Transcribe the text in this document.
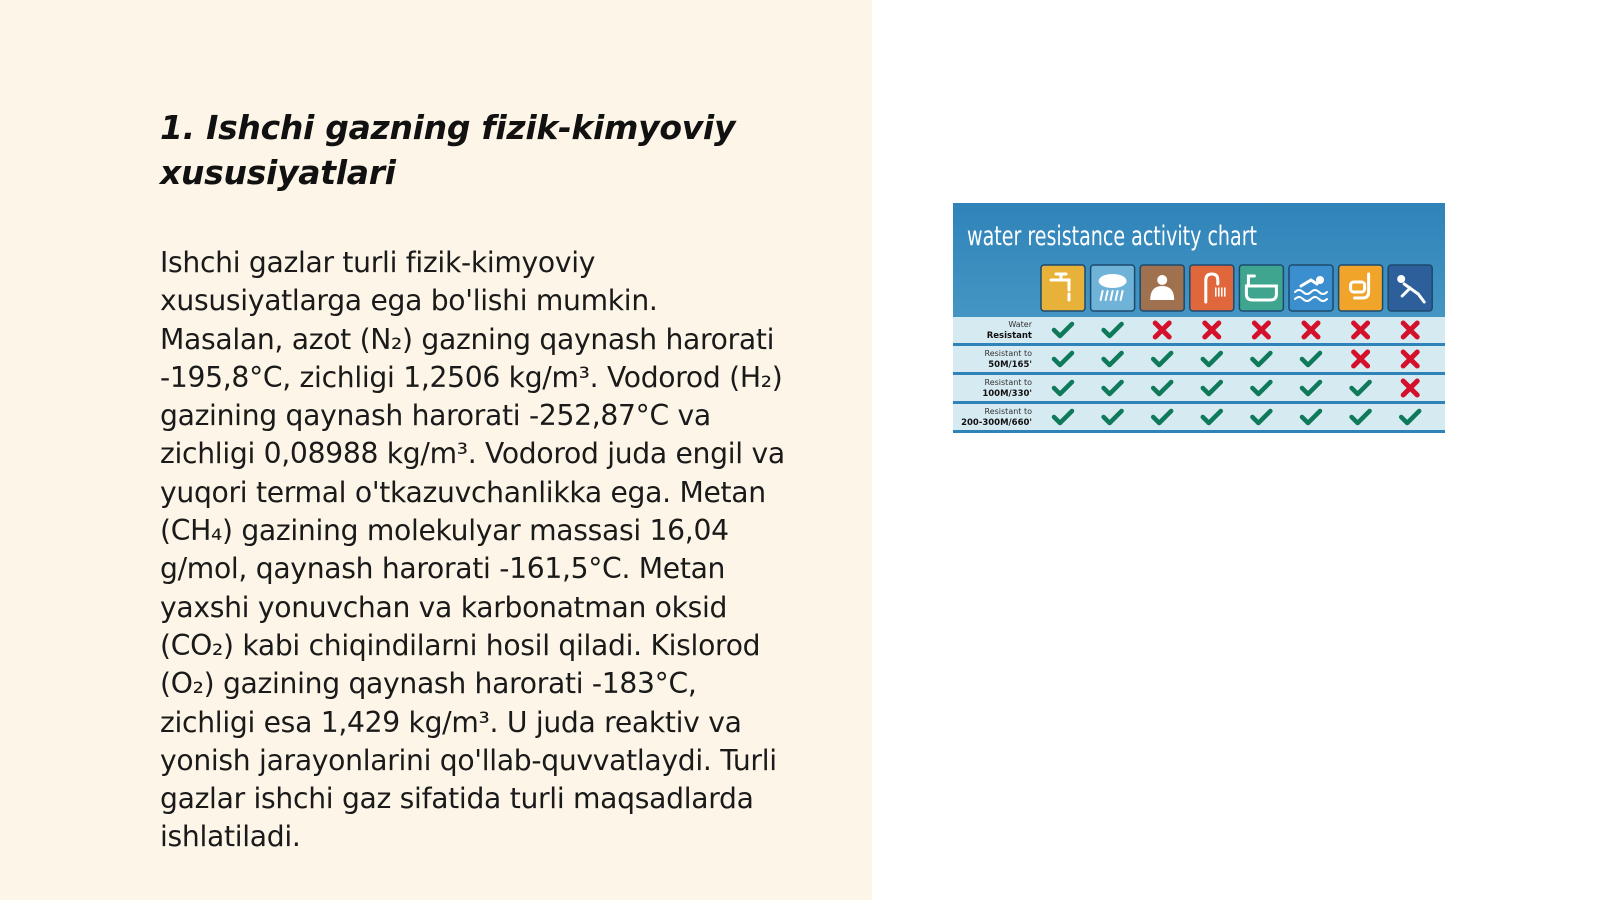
1. Ishchi gazning fizik-kimyoviy xususiyatlari

Ishchi gazlar turli fizik-kimyoviy
xususiyatlarga ega bo'lishi mumkin.
Masalan, azot (N₂) gazning qaynash harorati
-195,8°C, zichligi 1,2506 kg/m³. Vodorod (H₂)
gazining qaynash harorati -252,87°C va
zichligi 0,08988 kg/m³. Vodorod juda engil va
yuqori termal o'tkazuvchanlikka ega. Metan
(CH₄) gazining molekulyar massasi 16,04
g/mol, qaynash harorati -161,5°C. Metan
yaxshi yonuvchan va karbonatman oksid
(CO₂) kabi chiqindilarni hosil qiladi. Kislorod
(O₂) gazining qaynash harorati -183°C,
zichligi esa 1,429 kg/m³. U juda reaktiv va
yonish jarayonlarini qo'llab-quvvatlaydi. Turli
gazlar ishchi gaz sifatida turli maqsadlarda
ishlatiladi.

water resistance activity chart
Water
Resistant
Resistant to
50M/165'
Resistant to
100M/330'
Resistant to
200-300M/660'
